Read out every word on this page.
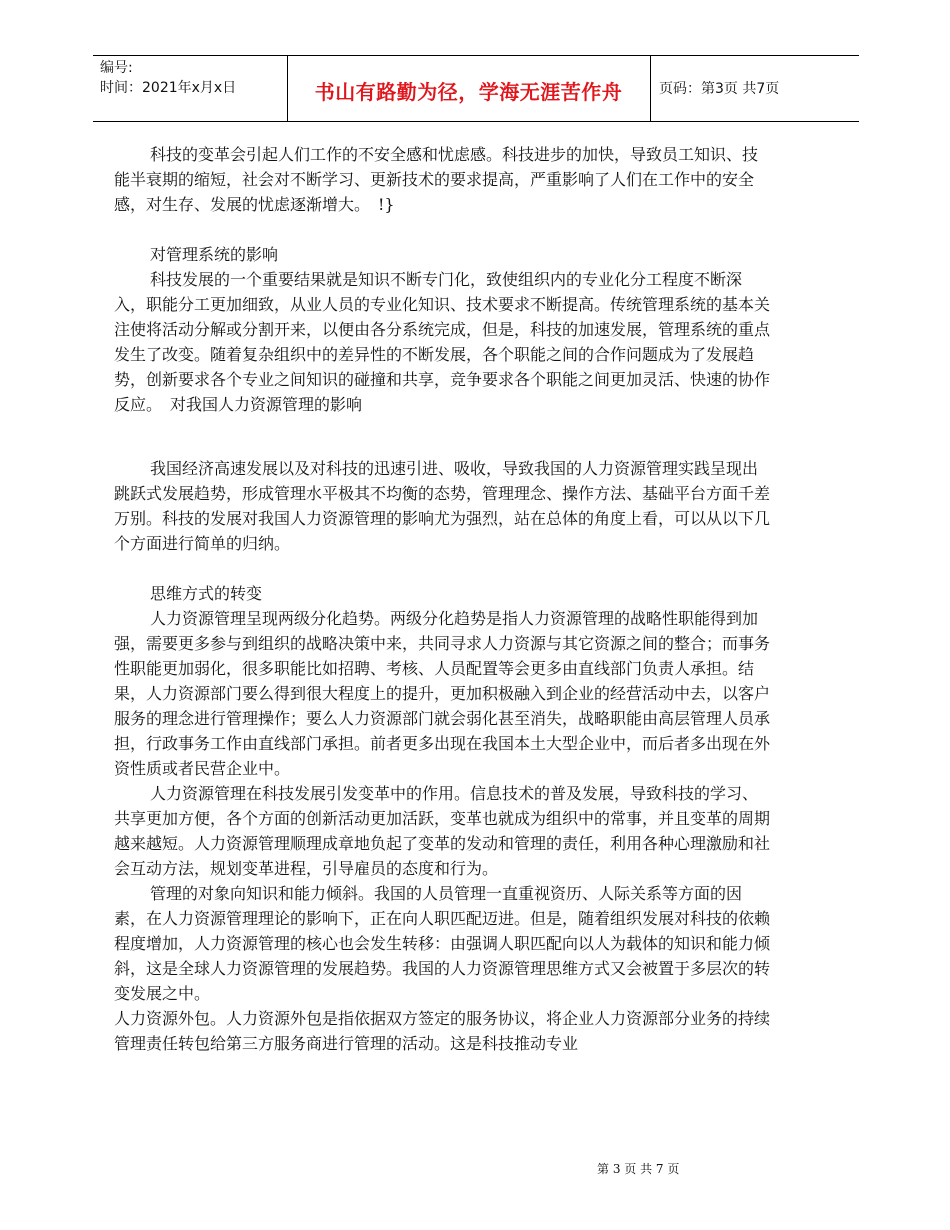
编号:
时间：2021年x月x日	书山有路勤为径，学海无涯苦作舟	页码：第3页 共7页

科技的变革会引起人们工作的不安全感和忧虑感。科技进步的加快，导致员工知识、技能半衰期的缩短，社会对不断学习、更新技术的要求提高，严重影响了人们在工作中的安全感，对生存、发展的忧虑逐渐增大。　!}

对管理系统的影响

科技发展的一个重要结果就是知识不断专门化，致使组织内的专业化分工程度不断深入，职能分工更加细致，从业人员的专业化知识、技术要求不断提高。传统管理系统的基本关注使将活动分解或分割开来，以便由各分系统完成，但是，科技的加速发展，管理系统的重点发生了改变。随着复杂组织中的差异性的不断发展，各个职能之间的合作问题成为了发展趋势，创新要求各个专业之间知识的碰撞和共享，竞争要求各个职能之间更加灵活、快速的协作反应。　对我国人力资源管理的影响

我国经济高速发展以及对科技的迅速引进、吸收，导致我国的人力资源管理实践呈现出跳跃式发展趋势，形成管理水平极其不均衡的态势，管理理念、操作方法、基础平台方面千差万别。科技的发展对我国人力资源管理的影响尤为强烈，站在总体的角度上看，可以从以下几个方面进行简单的归纳。

思维方式的转变

人力资源管理呈现两级分化趋势。两级分化趋势是指人力资源管理的战略性职能得到加强，需要更多参与到组织的战略决策中来，共同寻求人力资源与其它资源之间的整合；而事务性职能更加弱化，很多职能比如招聘、考核、人员配置等会更多由直线部门负责人承担。结果，人力资源部门要么得到很大程度上的提升，更加积极融入到企业的经营活动中去，以客户服务的理念进行管理操作；要么人力资源部门就会弱化甚至消失，战略职能由高层管理人员承担，行政事务工作由直线部门承担。前者更多出现在我国本土大型企业中，而后者多出现在外资性质或者民营企业中。

人力资源管理在科技发展引发变革中的作用。信息技术的普及发展，导致科技的学习、共享更加方便，各个方面的创新活动更加活跃，变革也就成为组织中的常事，并且变革的周期越来越短。人力资源管理顺理成章地负起了变革的发动和管理的责任，利用各种心理激励和社会互动方法，规划变革进程，引导雇员的态度和行为。

管理的对象向知识和能力倾斜。我国的人员管理一直重视资历、人际关系等方面的因素，在人力资源管理理论的影响下，正在向人职匹配迈进。但是，随着组织发展对科技的依赖程度增加，人力资源管理的核心也会发生转移：由强调人职匹配向以人为载体的知识和能力倾斜，这是全球人力资源管理的发展趋势。我国的人力资源管理思维方式又会被置于多层次的转变发展之中。

人力资源外包。人力资源外包是指依据双方签定的服务协议，将企业人力资源部分业务的持续管理责任转包给第三方服务商进行管理的活动。这是科技推动专业

第 3 页 共 7 页
